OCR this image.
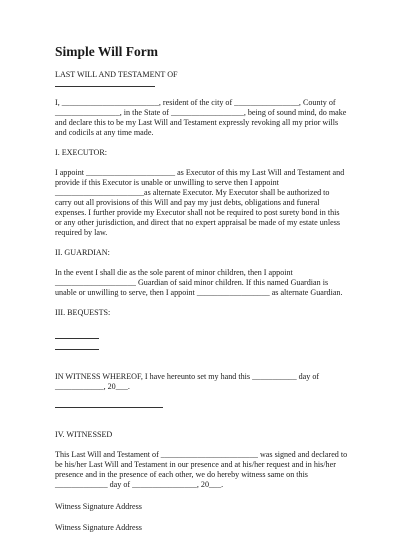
Simple Will Form

LAST WILL AND TESTAMENT OF

I, ________________________, resident of the city of ________________, County of
________________, in the State of __________________, being of sound mind, do make
and declare this to be my Last Will and Testament expressly revoking all my prior wills
and codicils at any time made.

I. EXECUTOR:

I appoint ______________________ as Executor of this my Last Will and Testament and
provide if this Executor is unable or unwilling to serve then I appoint
______________________as alternate Executor. My Executor shall be authorized to
carry out all provisions of this Will and pay my just debts, obligations and funeral
expenses. I further provide my Executor shall not be required to post surety bond in this
or any other jurisdiction, and direct that no expert appraisal be made of my estate unless
required by law.

II. GUARDIAN:

In the event I shall die as the sole parent of minor children, then I appoint
____________________ Guardian of said minor children. If this named Guardian is
unable or unwilling to serve, then I appoint __________________ as alternate Guardian.

III. BEQUESTS:

IN WITNESS WHEREOF, I have hereunto set my hand this ___________ day of
____________, 20___.

IV. WITNESSED

This Last Will and Testament of ________________________ was signed and declared to
be his/her Last Will and Testament in our presence and at his/her request and in his/her
presence and in the presence of each other, we do hereby witness same on this
_____________ day of ________________, 20___.

Witness Signature Address

Witness Signature Address
